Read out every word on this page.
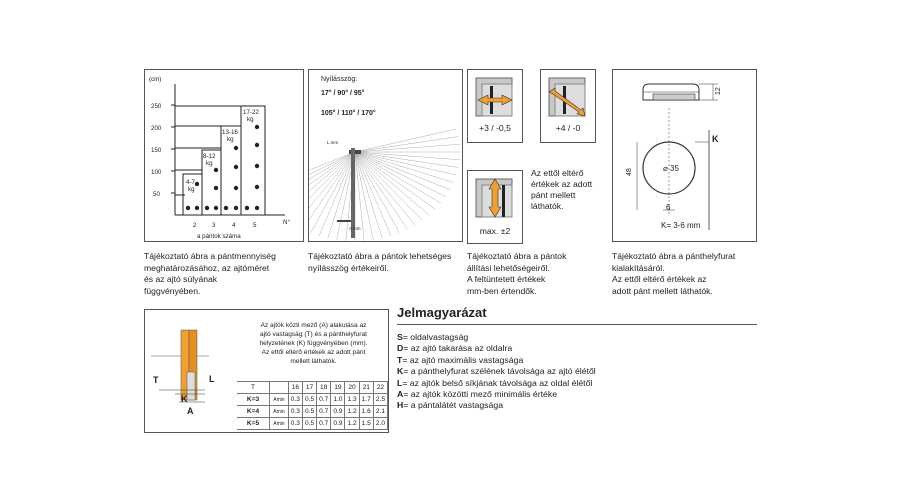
(cm)
250
200
150
100
50
4-7
kg
8-12
kg
13-16
kg
17-22
kg
2	3	4	5	N°
a pántok száma
Tájékoztató ábra a pántmennyiség
meghatározásához, az ajtóméret
és az ajtó súlyának
függvényében.
Nyílásszög:
17° / 90° / 95°
105° / 110° / 170°
L mm
A mm
Tájékoztató ábra a pántok lehetséges
nyílásszög értékeiről.
+3 / -0,5	+4 / -0
max. ±2
Az ettől eltérő
értékek az adott
pánt mellett
láthatók.
Tájékoztató ábra a pántok
állítási lehetőségeiről.
A feltüntetett értékek
mm-ben értendők.
12
⌀ 35
K
48
6
K= 3-6 mm
Tájékoztató ábra a pánthelyfurat
kialakításáról.
Az ettől eltérő értékek az
adott pánt mellett láthatók.
T	L
K
A
Az ajtók közti mező (A) alakulása az
ajtó vastagság (T) és a pánthelyfurat
helyzetének (K) függvényében (mm).
Az ettől eltérő értékek az adott pánt
mellett láthatók.
T		16	17	18	19	20	21	22
K=3	Amin	0.3	0.5	0.7	1.0	1.3	1.7	2.5
K=4	Amin	0.3	0.5	0.7	0.9	1.2	1.6	2.1
K=5	Amin	0.3	0.5	0.7	0.9	1.2	1.5	2.0
Jelmagyarázat
S= oldalvastagság
D= az ajtó takarása az oldalra
T= az ajtó maximális vastagsága
K= a pánthelyfurat szélének távolsága az ajtó élétől
L= az ajtók belső síkjának távolsága az oldal élétől
A= az ajtók közötti mező minimális értéke
H= a pántalátét vastagsága
